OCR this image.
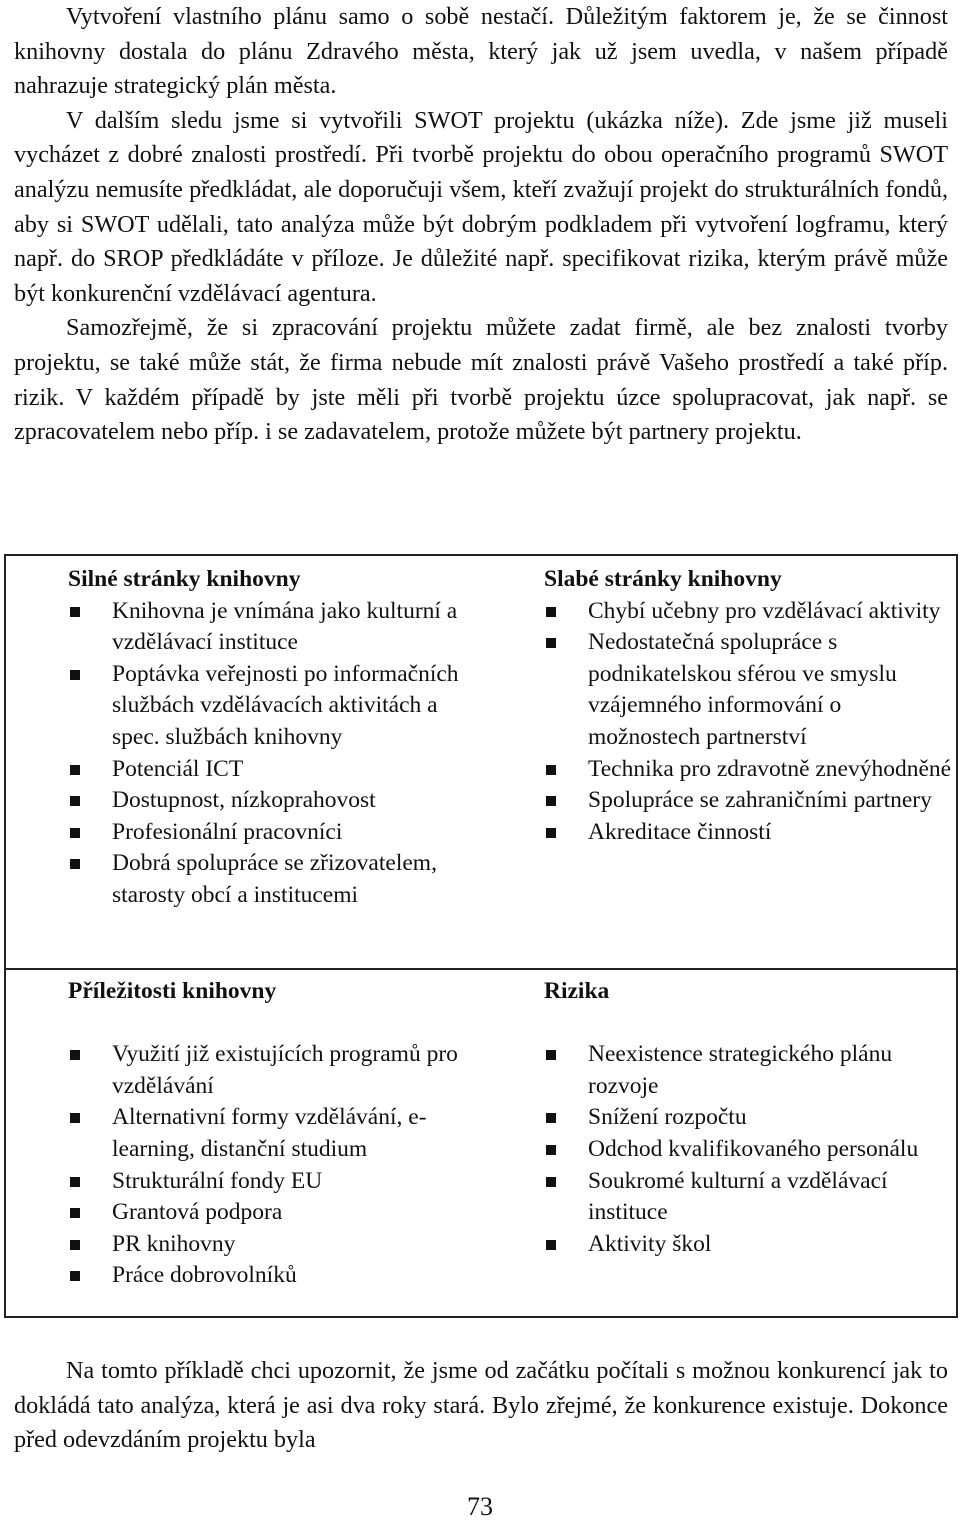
Vytvoření vlastního plánu samo o sobě nestačí. Důležitým faktorem je, že se činnost knihovny dostala do plánu Zdravého města, který jak už jsem uvedla, v našem případě nahrazuje strategický plán města.

V dalším sledu jsme si vytvořili SWOT projektu (ukázka níže). Zde jsme již museli vycházet z dobré znalosti prostředí. Při tvorbě projektu do obou operačního programů SWOT analýzu nemusíte předkládat, ale doporučuji všem, kteří zvažují projekt do strukturálních fondů, aby si SWOT udělali, tato analýza může být dobrým podkladem při vytvoření logframu, který např. do SROP předkládáte v příloze. Je důležité např. specifikovat rizika, kterým právě může být konkurenční vzdělávací agentura.

Samozřejmě, že si zpracování projektu můžete zadat firmě, ale bez znalosti tvorby projektu, se také může stát, že firma nebude mít znalosti právě Vašeho prostředí a také příp. rizik. V každém případě by jste měli při tvorbě projektu úzce spolupracovat, jak např. se zpracovatelem nebo příp. i se zadavatelem, protože můžete být partnery projektu.

Silné stránky knihovny

Knihovna je vnímána jako kulturní a vzdělávací instituce
Poptávka veřejnosti po informačních službách vzdělávacích aktivitách a spec. službách knihovny
Potenciál ICT
Dostupnost, nízkoprahovost
Profesionální pracovníci
Dobrá spolupráce se zřizovatelem, starosty obcí a institucemi

Slabé stránky knihovny

Chybí učebny pro vzdělávací aktivity
Nedostatečná spolupráce s podnikatelskou sférou ve smyslu vzájemného informování o možnostech partnerství
Technika pro zdravotně znevýhodněné
Spolupráce se zahraničními partnery
Akreditace činností

Příležitosti knihovny

Využití již existujících programů pro vzdělávání
Alternativní formy vzdělávání, e-learning, distanční studium
Strukturální fondy EU
Grantová podpora
PR knihovny
Práce dobrovolníků

Rizika

Neexistence strategického plánu rozvoje
Snížení rozpočtu
Odchod kvalifikovaného personálu
Soukromé kulturní a vzdělávací instituce
Aktivity škol

Na tomto příkladě chci upozornit, že jsme od začátku počítali s možnou konkurencí jak to dokládá tato analýza, která je asi dva roky stará. Bylo zřejmé, že konkurence existuje. Dokonce před odevzdáním projektu byla

73
